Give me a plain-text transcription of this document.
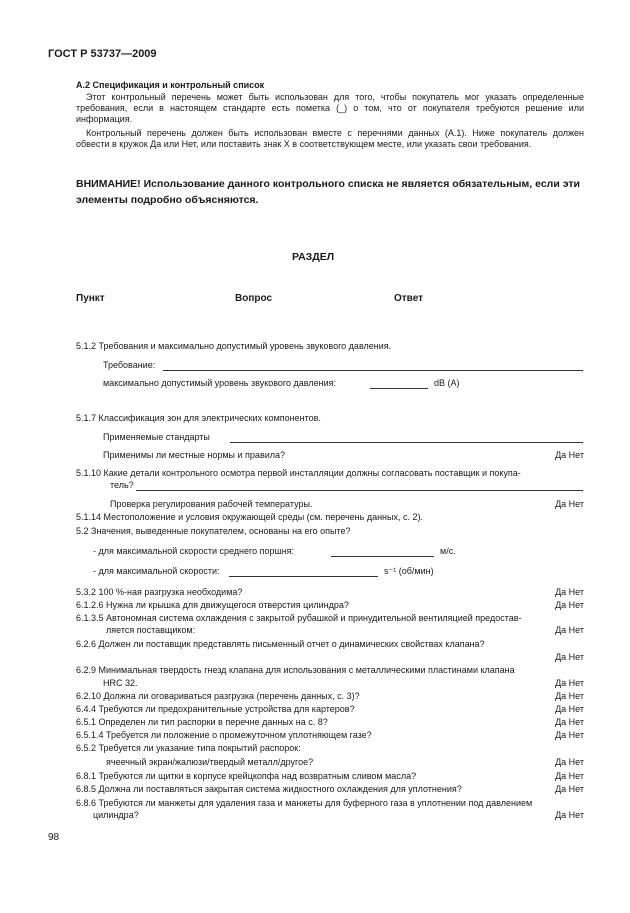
ГОСТ Р 53737—2009
А.2 Спецификация и контрольный список
Этот контрольный перечень может быть использован для того, чтобы покупатель мог указать определенные требования, если в настоящем стандарте есть пометка (_) о том, что от покупателя требуются решение или информация.
Контрольный перечень должен быть использован вместе с перечнями данных (А.1). Ниже покупатель должен обвести в кружок Да или Нет, или поставить знак Х в соответствующем месте, или указать свои требования.
ВНИМАНИЕ! Использование данного контрольного списка не является обязательным, если эти элементы подробно объясняются.
РАЗДЕЛ
Пункт	Вопрос	Ответ
5.1.2 Требования и максимально допустимый уровень звукового давления.
Требование:
максимально допустимый уровень звукового давления:	dB (A)
5.1.7 Классификация зон для электрических компонентов.
Применяемые стандарты
Применимы ли местные нормы и правила?	Да Нет
5.1.10 Какие детали контрольного осмотра первой инсталляции должны согласовать поставщик и покупа-
тель?
Проверка регулирования рабочей температуры.	Да Нет
5.1.14 Местоположение и условия окружающей среды (см. перечень данных, с. 2).
5.2 Значения, выведенные покупателем, основаны на его опыте?
- для максимальной скорости среднего поршня:	м/с.
- для максимальной скорости:	s⁻¹ (об/мин)
5.3.2 100 %-ная разгрузка необходима?	Да Нет
6.1.2.6 Нужна ли крышка для движущегося отверстия цилиндра?	Да Нет
6.1.3.5 Автономная система охлаждения с закрытой рубашкой и принудительной вентиляцией предостав-
ляется поставщиком:	Да Нет
6.2.6 Должен ли поставщик представлять письменный отчет о динамических свойствах клапана?
Да Нет
6.2.9 Минимальная твердость гнезд клапана для использования с металлическими пластинами клапана
HRC 32.	Да Нет
6.2.10 Должна ли оговариваться разгрузка (перечень данных, с. 3)?	Да Нет
6.4.4 Требуются ли предохранительные устройства для картеров?	Да Нет
6.5.1 Определен ли тип распорки в перечне данных на с. 8?	Да Нет
6.5.1.4 Требуется ли положение о промежуточном уплотняющем газе?	Да Нет
6.5.2 Требуется ли указание типа покрытий распорок:
ячеечный экран/жалюзи/твердый металл/другое?	Да Нет
6.8.1 Требуются ли щитки в корпусе крейцкопфа над возвратным сливом масла?	Да Нет
6.8.5 Должна ли поставляться закрытая система жидкостного охлаждения для уплотнения?	Да Нет
6.8.6 Требуются ли манжеты для удаления газа и манжеты для буферного газа в уплотнении под давлением
цилиндра?	Да Нет
98
